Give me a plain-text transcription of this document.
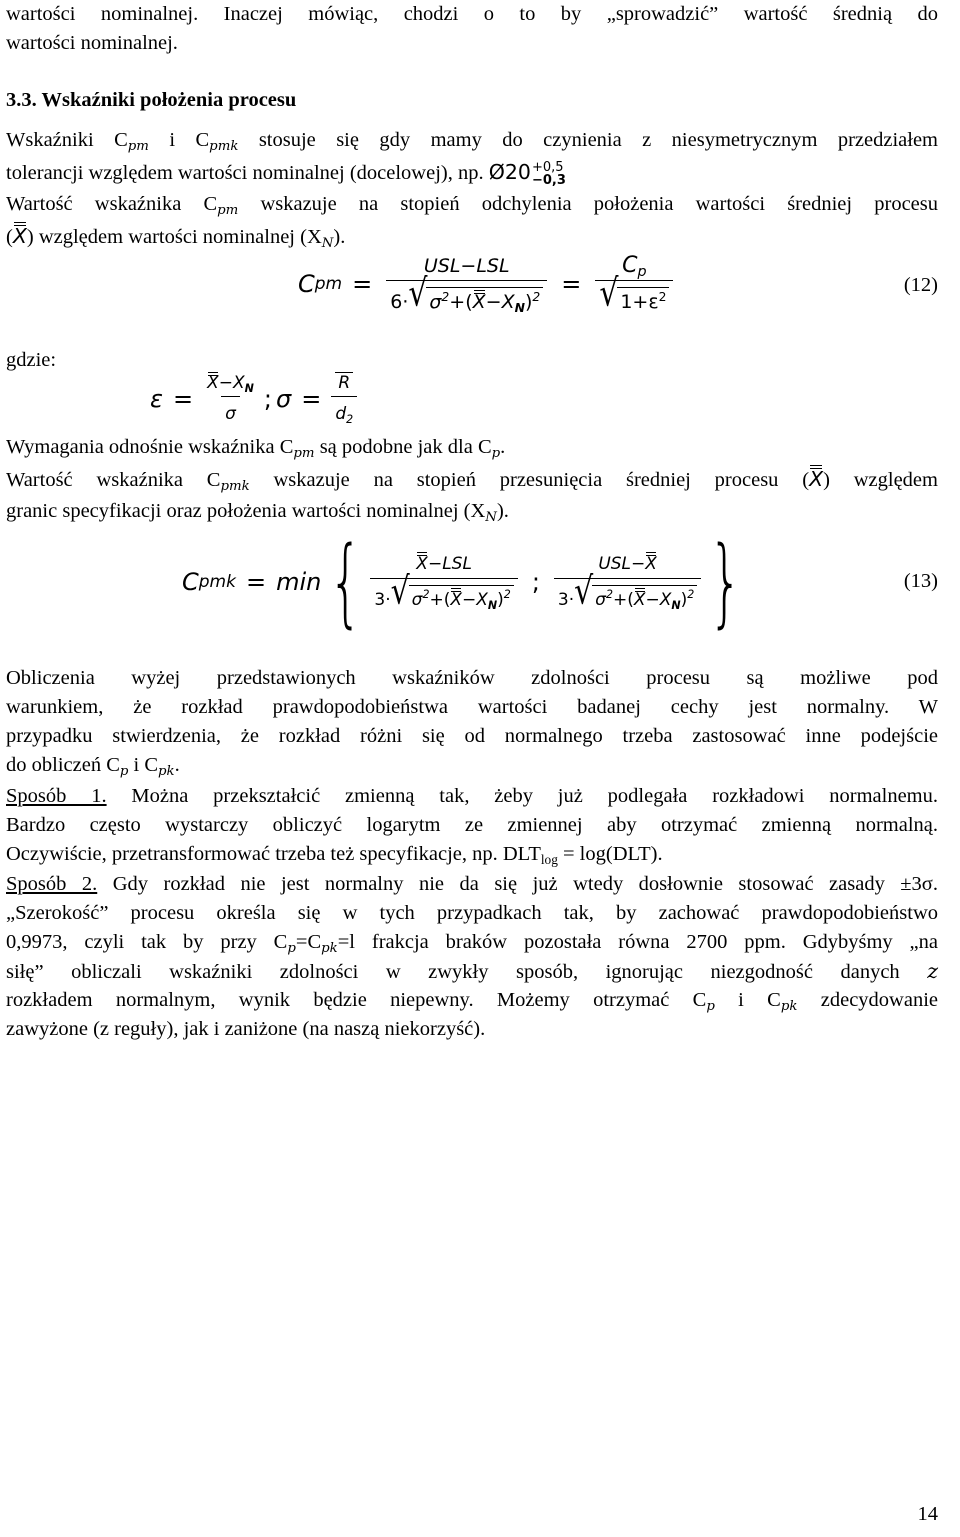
wartości nominalnej. Inaczej mówiąc, chodzi o to by „sprowadzić” wartość średnią do
wartości nominalnej.
3.3. Wskaźniki położenia procesu
Wskaźniki $C_{pm}$ i $C_{pmk}$ stosuje się gdy mamy do czynienia z niesymetrycznym przedziałem
tolerancji względem wartości nominalnej (docelowej), np. Ø20 +0,5
−0,3
Wartość wskaźnika $C_{pm}$ wskazuje na stopień odchylenia położenia wartości średniej procesu
(X) względem wartości nominalnej $(X_N)$.
C pm = $\frac{\text{USL−LSL}}{6\cdot √ \sigma^2+(X-X_N)^2} = C_p$
√ $1+\varepsilon^2$	(12)
gdzie:
$\varepsilon = \frac{X-X_N}{\sigma}$ ; $\sigma = \frac{R}{d_2}$
Wymagania odnośnie wskaźnika $C_{pm}$ są podobne jak dla $C_p$.
Wartość wskaźnika $C_{pmk}$ wskazuje na stopień przesunięcia średniej procesu (X) względem
granic specyfikacji oraz położenia wartości nominalnej $(X_N)$.
C pmk = min { $\frac{\text{X−LSL}}{3\cdot √ \sigma^2+(X-X_N)^2}$ ; $\frac{\text{USL−X}}{3\cdot √ \sigma^2+(X-X_N)^2}$ }	(13)
Obliczenia wyżej przedstawionych wskaźników zdolności procesu są możliwe pod
warunkiem, że rozkład prawdopodobieństwa wartości badanej cechy jest normalny. W
przypadku stwierdzenia, że rozkład różni się od normalnego trzeba zastosować inne podejście
do obliczeń $C_p$ i $C_{pk}$.
Sposób 1. Można przekształcić zmienną tak, żeby już podlegała rozkładowi normalnemu.
Bardzo często wystarczy obliczyć logarytm ze zmiennej aby otrzymać zmienną normalną.
Oczywiście, przetransformować trzeba też specyfikacje, np. $DLT_{log} = \log(DLT)$.
Sposób 2. Gdy rozkład nie jest normalny nie da się już wtedy dosłownie stosować zasady ±3σ.
„Szerokość” procesu określa się w tych przypadkach tak, by zachować prawdopodobieństwo
0,9973, czyli tak by przy $C_p=C_{pk}=l$ frakcja braków pozostała równa 2700 ppm. Gdybyśmy „na
siłę” obliczali wskaźniki zdolności w zwykły sposób, ignorując niezgodność danych z
rozkładem normalnym, wynik będzie niepewny. Możemy otrzymać $C_p$ i $C_{pk}$ zdecydowanie
zawyżone (z reguły), jak i zaniżone (na naszą niekorzyść).
14
